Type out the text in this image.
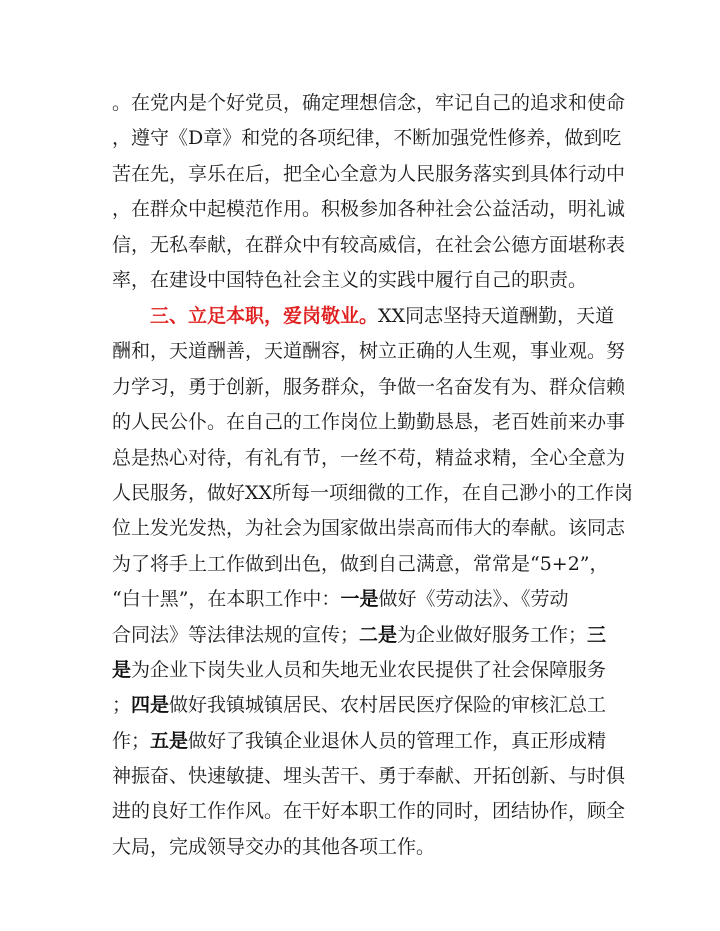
。在党内是个好党员，确定理想信念，牢记自己的追求和使命
，遵守《D章》和党的各项纪律，不断加强党性修养，做到吃
苦在先，享乐在后，把全心全意为人民服务落实到具体行动中
，在群众中起模范作用。积极参加各种社会公益活动，明礼诚
信，无私奉献，在群众中有较高威信，在社会公德方面堪称表
率，在建设中国特色社会主义的实践中履行自己的职责。

三、立足本职，爱岗敬业。XX同志坚持天道酬勤，天道
酬和，天道酬善，天道酬容，树立正确的人生观，事业观。努
力学习，勇于创新，服务群众，争做一名奋发有为、群众信赖
的人民公仆。在自己的工作岗位上勤勤恳恳，老百姓前来办事
总是热心对待，有礼有节，一丝不苟，精益求精，全心全意为
人民服务，做好XX所每一项细微的工作，在自己渺小的工作岗
位上发光发热，为社会为国家做出崇高而伟大的奉献。该同志
为了将手上工作做到出色，做到自己满意，常常是“5+2”，
“白十黑”，在本职工作中：一是做好《劳动法》、《劳动
合同法》等法律法规的宣传；二是为企业做好服务工作；三
是为企业下岗失业人员和失地无业农民提供了社会保障服务
；四是做好我镇城镇居民、农村居民医疗保险的审核汇总工
作；五是做好了我镇企业退休人员的管理工作，真正形成精
神振奋、快速敏捷、埋头苦干、勇于奉献、开拓创新、与时俱
进的良好工作作风。在干好本职工作的同时，团结协作，顾全
大局，完成领导交办的其他各项工作。
